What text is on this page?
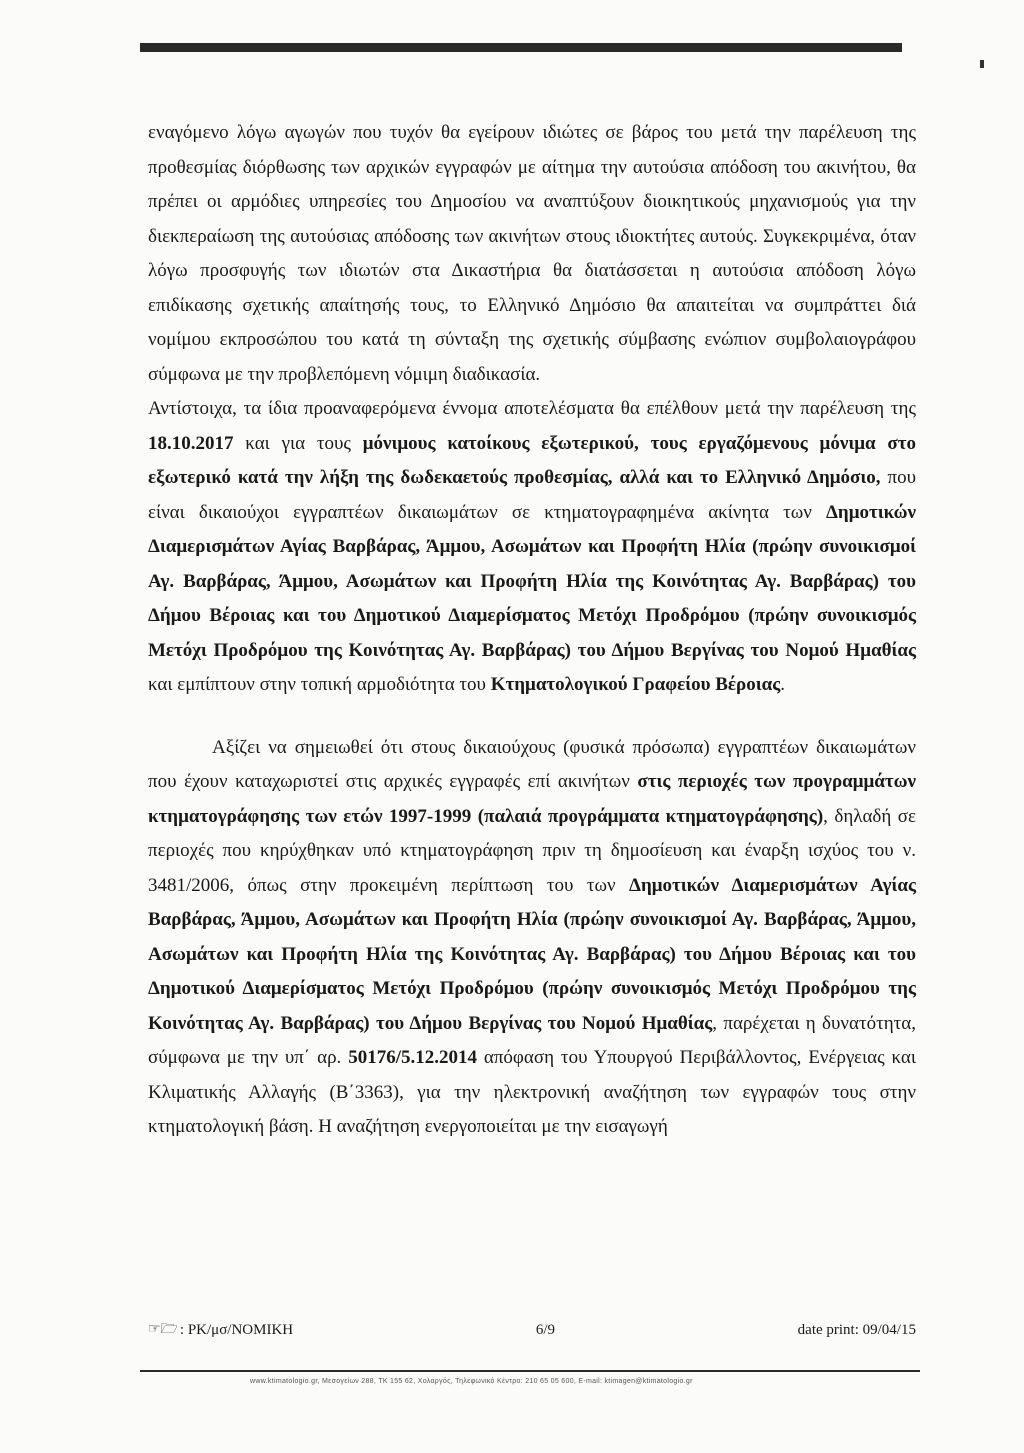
εναγόμενο λόγω αγωγών που τυχόν θα εγείρουν ιδιώτες σε βάρος του μετά την παρέλευση της προθεσμίας διόρθωσης των αρχικών εγγραφών με αίτημα την αυτούσια απόδοση του ακινήτου, θα πρέπει οι αρμόδιες υπηρεσίες του Δημοσίου να αναπτύξουν διοικητικούς μηχανισμούς για την διεκπεραίωση της αυτούσιας απόδοσης των ακινήτων στους ιδιοκτήτες αυτούς. Συγκεκριμένα, όταν λόγω προσφυγής των ιδιωτών στα Δικαστήρια θα διατάσσεται η αυτούσια απόδοση λόγω επιδίκασης σχετικής απαίτησής τους, το Ελληνικό Δημόσιο θα απαιτείται να συμπράττει διά νομίμου εκπροσώπου του κατά τη σύνταξη της σχετικής σύμβασης ενώπιον συμβολαιογράφου σύμφωνα με την προβλεπόμενη νόμιμη διαδικασία.

Αντίστοιχα, τα ίδια προαναφερόμενα έννομα αποτελέσματα θα επέλθουν μετά την παρέλευση της 18.10.2017 και για τους μόνιμους κατοίκους εξωτερικού, τους εργαζόμενους μόνιμα στο εξωτερικό κατά την λήξη της δωδεκαετούς προθεσμίας, αλλά και το Ελληνικό Δημόσιο, που είναι δικαιούχοι εγγραπτέων δικαιωμάτων σε κτηματογραφημένα ακίνητα των Δημοτικών Διαμερισμάτων Αγίας Βαρβάρας, Άμμου, Ασωμάτων και Προφήτη Ηλία (πρώην συνοικισμοί Αγ. Βαρβάρας, Άμμου, Ασωμάτων και Προφήτη Ηλία της Κοινότητας Αγ. Βαρβάρας) του Δήμου Βέροιας και του Δημοτικού Διαμερίσματος Μετόχι Προδρόμου (πρώην συνοικισμός Μετόχι Προδρόμου της Κοινότητας Αγ. Βαρβάρας) του Δήμου Βεργίνας του Νομού Ημαθίας και εμπίπτουν στην τοπική αρμοδιότητα του Κτηματολογικού Γραφείου Βέροιας.

Αξίζει να σημειωθεί ότι στους δικαιούχους (φυσικά πρόσωπα) εγγραπτέων δικαιωμάτων που έχουν καταχωριστεί στις αρχικές εγγραφές επί ακινήτων στις περιοχές των προγραμμάτων κτηματογράφησης των ετών 1997-1999 (παλαιά προγράμματα κτηματογράφησης), δηλαδή σε περιοχές που κηρύχθηκαν υπό κτηματογράφηση πριν τη δημοσίευση και έναρξη ισχύος του ν. 3481/2006, όπως στην προκειμένη περίπτωση του των Δημοτικών Διαμερισμάτων Αγίας Βαρβάρας, Άμμου, Ασωμάτων και Προφήτη Ηλία (πρώην συνοικισμοί Αγ. Βαρβάρας, Άμμου, Ασωμάτων και Προφήτη Ηλία της Κοινότητας Αγ. Βαρβάρας) του Δήμου Βέροιας και του Δημοτικού Διαμερίσματος Μετόχι Προδρόμου (πρώην συνοικισμός Μετόχι Προδρόμου της Κοινότητας Αγ. Βαρβάρας) του Δήμου Βεργίνας του Νομού Ημαθίας, παρέχεται η δυνατότητα, σύμφωνα με την υπ΄ αρ. 50176/5.12.2014 απόφαση του Υπουργού Περιβάλλοντος, Ενέργειας και Κλιματικής Αλλαγής (Β΄3363), για την ηλεκτρονική αναζήτηση των εγγραφών τους στην κτηματολογική βάση. Η αναζήτηση ενεργοποιείται με την εισαγωγή

☞🗁 : PK/μσ/NOMIKH	6/9	date print: 09/04/15
www.ktimatologio.gr, Μεσογείων 288, ΤΚ 155 62, Χολαργός, Τηλεφωνικό Κέντρο: 210 65 05 600, E-mail: ktimagen@ktimatologio.gr
